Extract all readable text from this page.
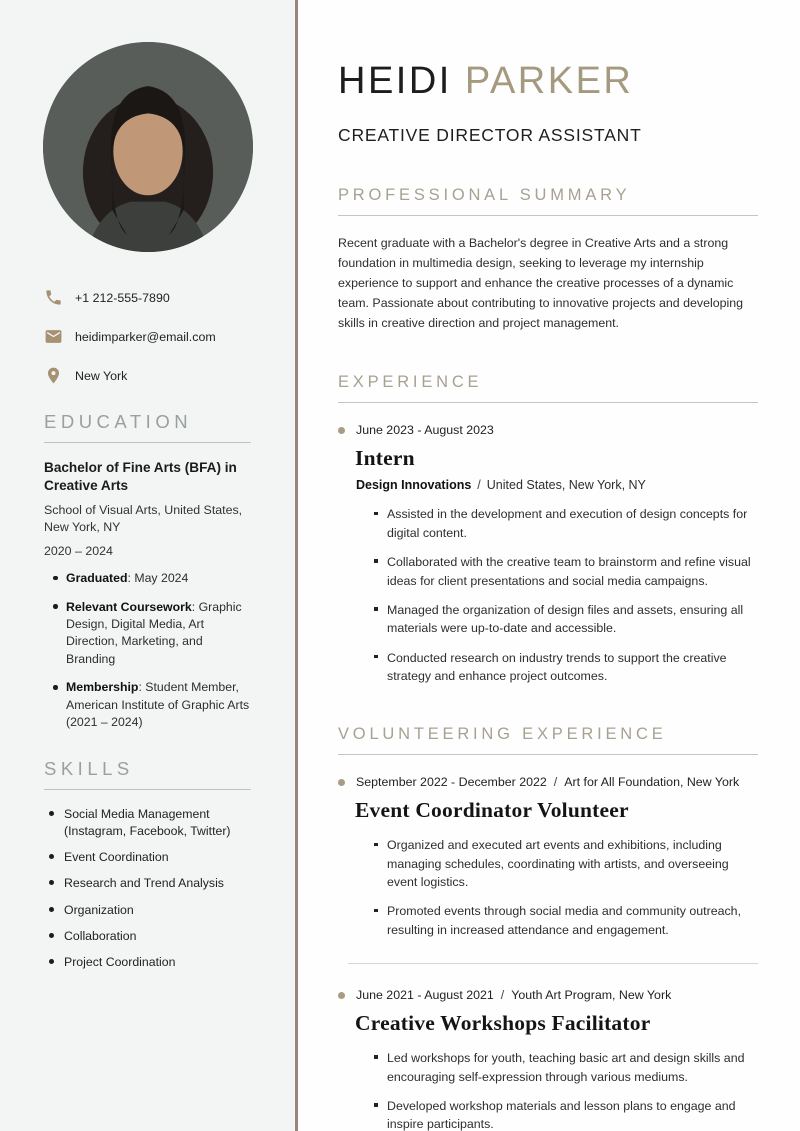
+1 212-555-7890
heidimparker@email.com
New York
EDUCATION
Bachelor of Fine Arts (BFA) in Creative Arts
School of Visual Arts, United States, New York, NY
2020 – 2024
Graduated: May 2024
Relevant Coursework: Graphic Design, Digital Media, Art Direction, Marketing, and Branding
Membership: Student Member, American Institute of Graphic Arts (2021 – 2024)
SKILLS
Social Media Management (Instagram, Facebook, Twitter)
Event Coordination
Research and Trend Analysis
Organization
Collaboration
Project Coordination
HEIDI PARKER
CREATIVE DIRECTOR ASSISTANT
PROFESSIONAL SUMMARY

Recent graduate with a Bachelor's degree in Creative Arts and a strong foundation in multimedia design, seeking to leverage my internship experience to support and enhance the creative processes of a dynamic team. Passionate about contributing to innovative projects and developing skills in creative direction and project management.

EXPERIENCE
June 2023 - August 2023
Intern
Design Innovations / United States, New York, NY
Assisted in the development and execution of design concepts for digital content.
Collaborated with the creative team to brainstorm and refine visual ideas for client presentations and social media campaigns.
Managed the organization of design files and assets, ensuring all materials were up-to-date and accessible.
Conducted research on industry trends to support the creative strategy and enhance project outcomes.
VOLUNTEERING EXPERIENCE
September 2022 - December 2022 / Art for All Foundation, New York
Event Coordinator Volunteer
Organized and executed art events and exhibitions, including managing schedules, coordinating with artists, and overseeing event logistics.
Promoted events through social media and community outreach, resulting in increased attendance and engagement.
June 2021 - August 2021 / Youth Art Program, New York
Creative Workshops Facilitator
Led workshops for youth, teaching basic art and design skills and encouraging self-expression through various mediums.
Developed workshop materials and lesson plans to engage and inspire participants.
